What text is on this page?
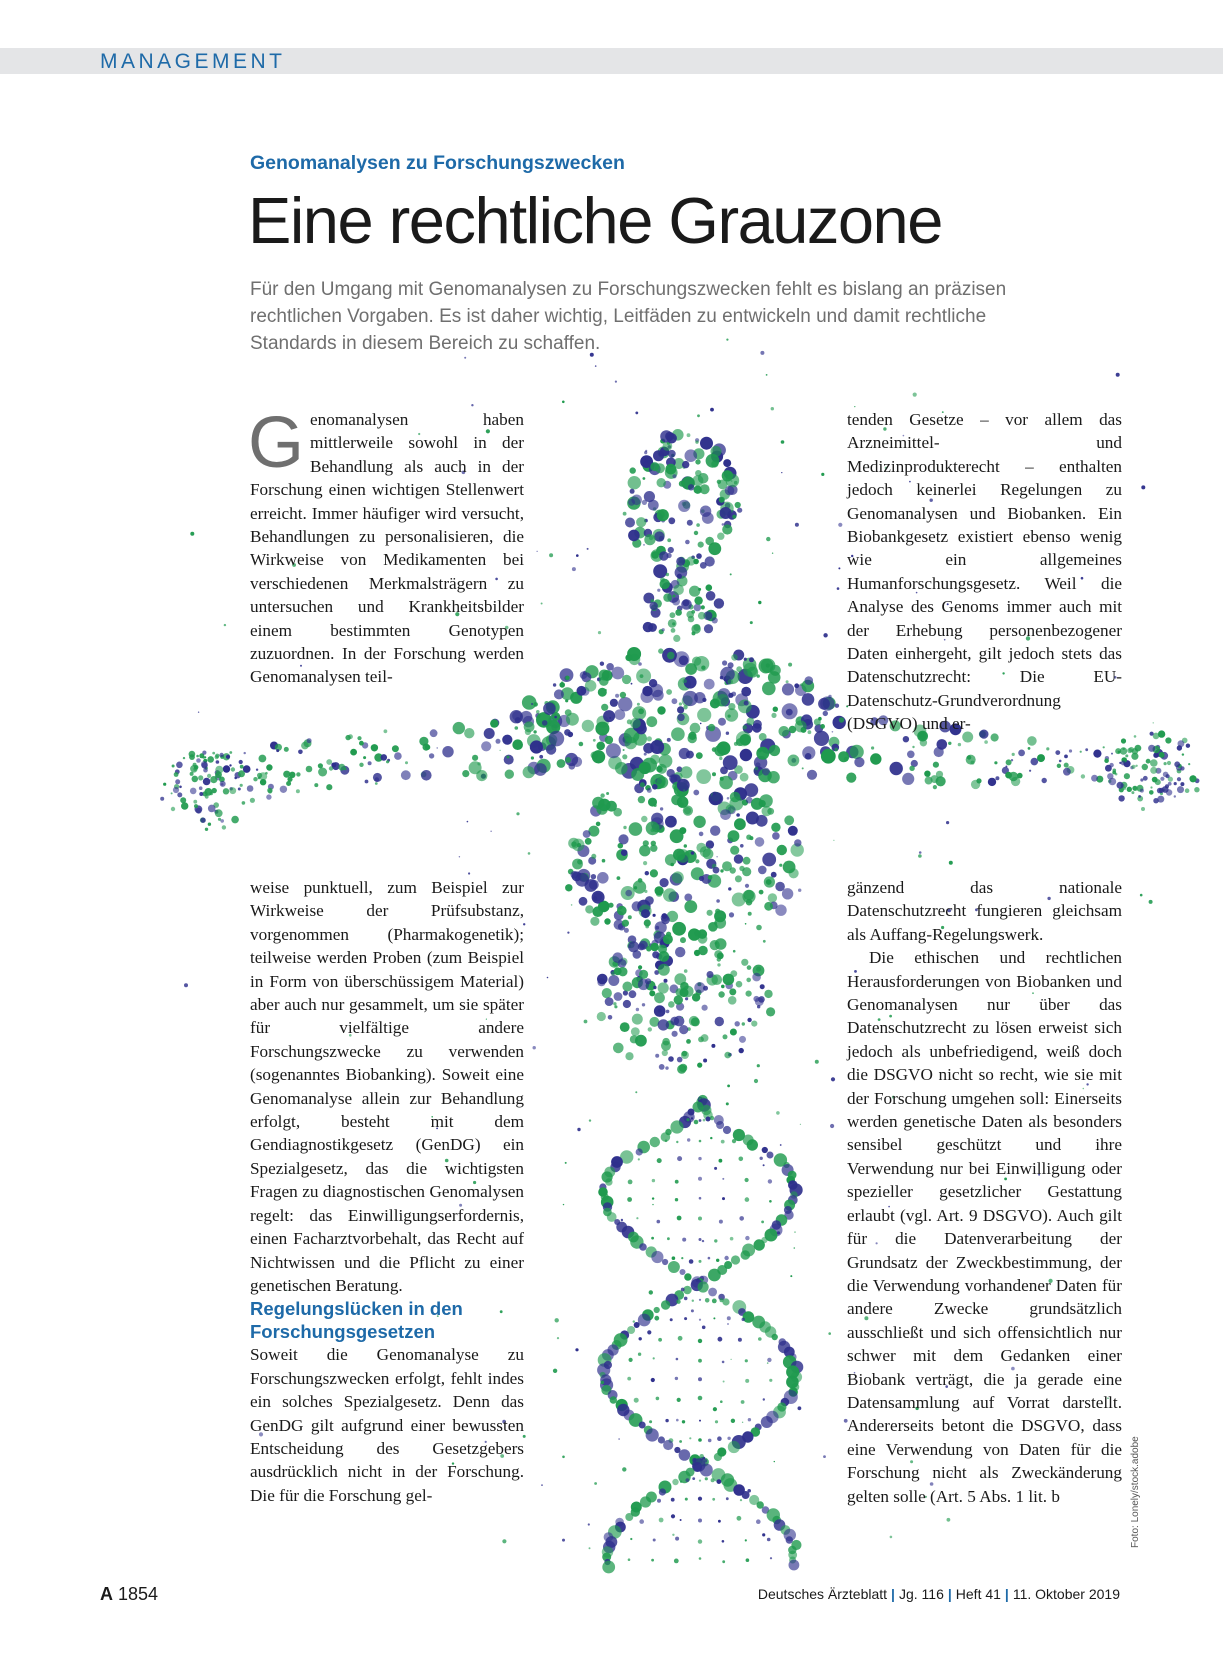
MANAGEMENT
Genomanalysen zu Forschungszwecken
Eine rechtliche Grauzone

Für den Umgang mit Genomanalysen zu Forschungszwecken fehlt es bislang an präzisen rechtlichen Vorgaben. Es ist daher wichtig, Leitfäden zu entwickeln und damit rechtliche Standards in diesem Bereich zu schaffen.

Genomanalysen haben mittlerweile sowohl in der Behandlung als auch in der Forschung einen wichtigen Stellenwert erreicht. Immer häufiger wird versucht, Behandlungen zu personalisieren, die Wirkweise von Medikamenten bei verschiedenen Merkmalsträgern zu untersuchen und Krankheitsbilder einem bestimmten Genotypen zuzuordnen. In der Forschung werden Genomanalysen teil-

weise punktuell, zum Beispiel zur Wirkweise der Prüfsubstanz, vorgenommen (Pharmakogenetik); teilweise werden Proben (zum Beispiel in Form von überschüssigem Material) aber auch nur gesammelt, um sie später für vielfältige andere Forschungszwecke zu verwenden (sogenanntes Biobanking). Soweit eine Genomanalyse allein zur Behandlung erfolgt, besteht mit dem Gendiagnostikgesetz (GenDG) ein Spezialgesetz, das die wichtigsten Fragen zu diagnostischen Genomalysen regelt: das Einwilligungserfordernis, einen Facharztvorbehalt, das Recht auf Nichtwissen und die Pflicht zu einer genetischen Beratung.

Regelungslücken in den Forschungsgesetzen

Soweit die Genomanalyse zu Forschungszwecken erfolgt, fehlt indes ein solches Spezialgesetz. Denn das GenDG gilt aufgrund einer bewussten Entscheidung des Gesetzgebers ausdrücklich nicht in der Forschung. Die für die Forschung gel-

tenden Gesetze – vor allem das Arzneimittel- und Medizinprodukterecht – enthalten jedoch keinerlei Regelungen zu Genomanalysen und Biobanken. Ein Biobankgesetz existiert ebenso wenig wie ein allgemeines Humanforschungsgesetz. Weil die Analyse des Genoms immer auch mit der Erhebung personenbezogener Daten einhergeht, gilt jedoch stets das Datenschutzrecht: Die EU-Datenschutz-Grundverordnung (DSGVO) und er-

gänzend das nationale Datenschutzrecht fungieren gleichsam als Auffang-Regelungswerk.

Die ethischen und rechtlichen Herausforderungen von Biobanken und Genomanalysen nur über das Datenschutzrecht zu lösen erweist sich jedoch als unbefriedigend, weiß doch die DSGVO nicht so recht, wie sie mit der Forschung umgehen soll: Einerseits werden genetische Daten als besonders sensibel geschützt und ihre Verwendung nur bei Einwilligung oder spezieller gesetzlicher Gestattung erlaubt (vgl. Art. 9 DSGVO). Auch gilt für die Datenverarbeitung der Grundsatz der Zweckbestimmung, der die Verwendung vorhandener Daten für andere Zwecke grundsätzlich ausschließt und sich offensichtlich nur schwer mit dem Gedanken einer Biobank verträgt, die ja gerade eine Datensammlung auf Vorrat darstellt. Andererseits betont die DSGVO, dass eine Verwendung von Daten für die Forschung nicht als Zweckänderung gelten solle (Art. 5 Abs. 1 lit. b	Foto: Lonely/stock.adobe
A 1854	Deutsches Ärzteblatt | Jg. 116 | Heft 41 | 11. Oktober 2019
